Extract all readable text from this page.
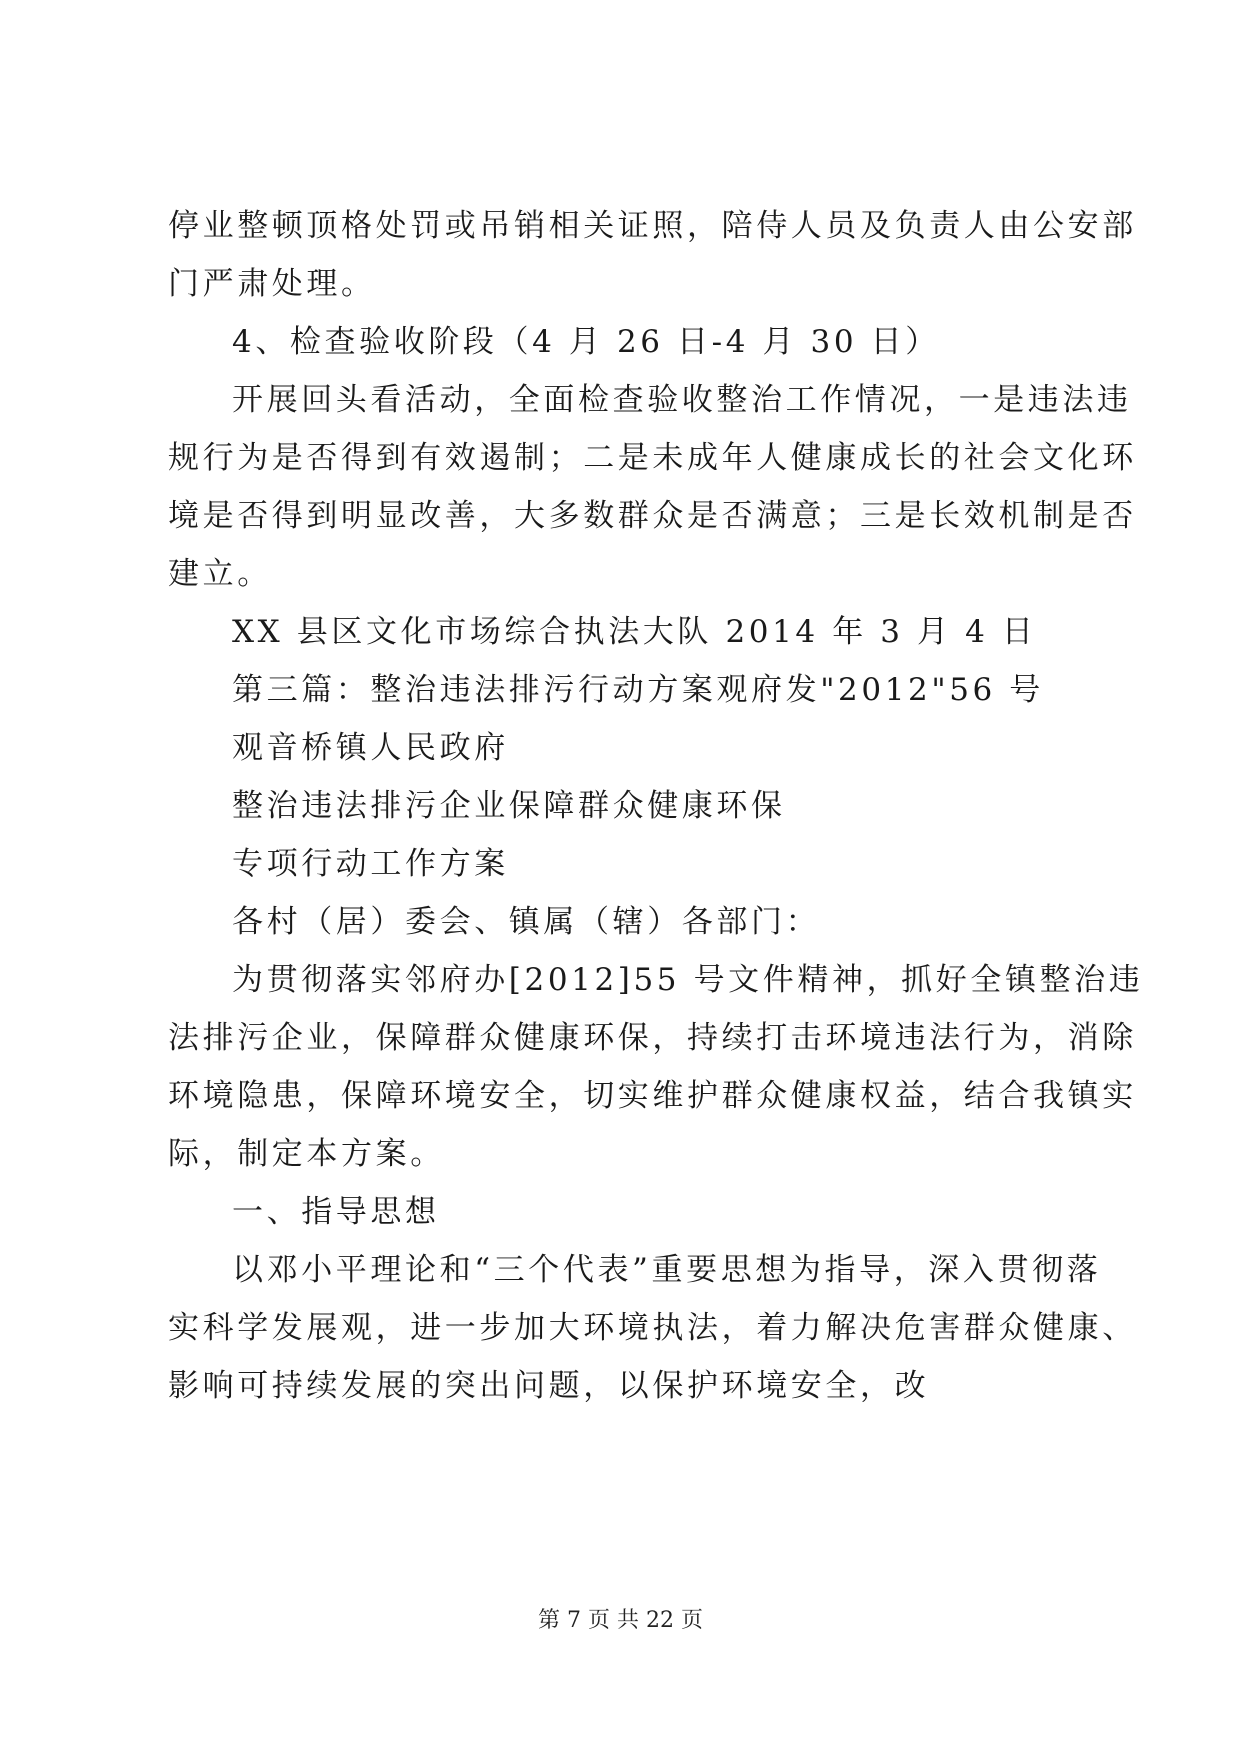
停业整顿顶格处罚或吊销相关证照，陪侍人员及负责人由公安部
门严肃处理。
4、检查验收阶段（4 月 26 日-4 月 30 日）
开展回头看活动，全面检查验收整治工作情况，一是违法违
规行为是否得到有效遏制；二是未成年人健康成长的社会文化环
境是否得到明显改善，大多数群众是否满意；三是长效机制是否
建立。
XX 县区文化市场综合执法大队 2014 年 3 月 4 日
第三篇：整治违法排污行动方案观府发"2012"56 号
观音桥镇人民政府
整治违法排污企业保障群众健康环保
专项行动工作方案
各村（居）委会、镇属（辖）各部门：
为贯彻落实邻府办[2012]55 号文件精神，抓好全镇整治违
法排污企业，保障群众健康环保，持续打击环境违法行为，消除
环境隐患，保障环境安全，切实维护群众健康权益，结合我镇实
际，制定本方案。
一、指导思想
以邓小平理论和“三个代表”重要思想为指导，深入贯彻落
实科学发展观，进一步加大环境执法，着力解决危害群众健康、
影响可持续发展的突出问题，以保护环境安全，改
第 7 页 共 22 页
